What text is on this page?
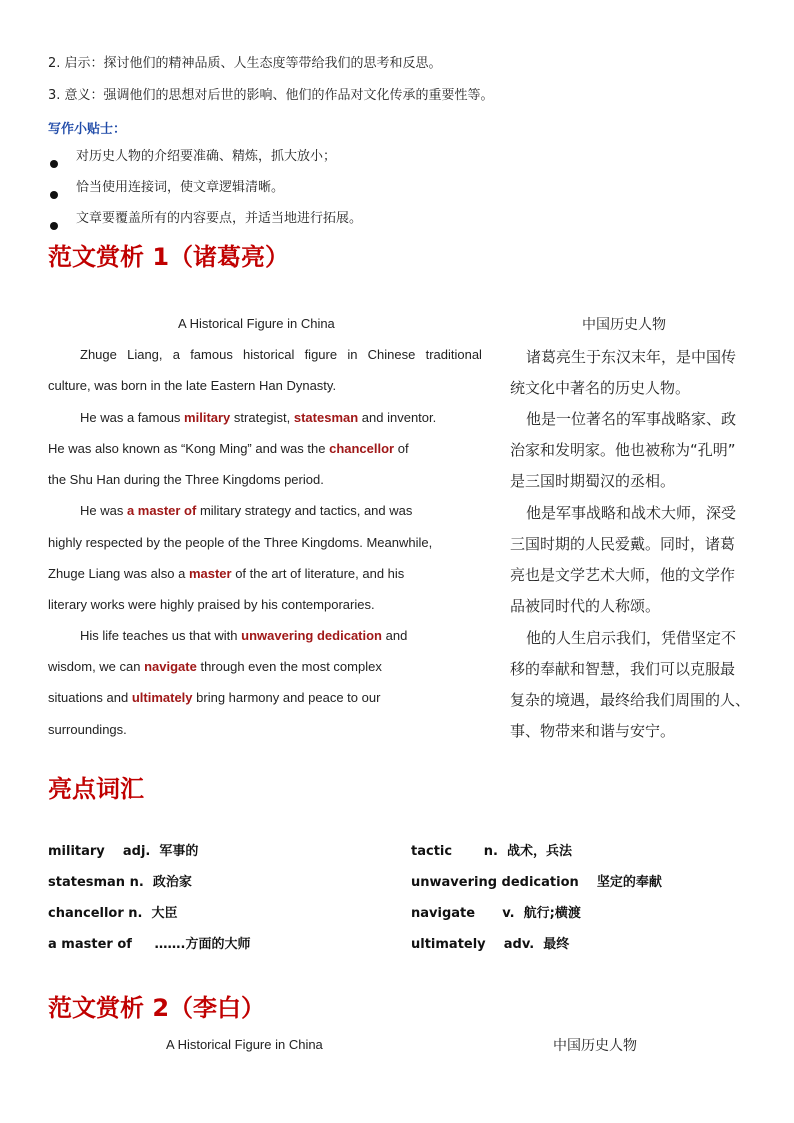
2. 启示：探讨他们的精神品质、人生态度等带给我们的思考和反思。
3. 意义：强调他们的思想对后世的影响、他们的作品对文化传承的重要性等。
写作小贴士：
对历史人物的介绍要准确、精炼，抓大放小；
恰当使用连接词，使文章逻辑清晰。
文章要覆盖所有的内容要点，并适当地进行拓展。
范文赏析 1（诸葛亮）
A Historical Figure in China	中国历史人物
Zhuge Liang, a famous historical figure in Chinese traditional
culture, was born in the late Eastern Han Dynasty.
He was a famous military strategist, statesman and inventor.
He was also known as “Kong Ming” and was the chancellor of
the Shu Han during the Three Kingdoms period.
He was a master of military strategy and tactics, and was
highly respected by the people of the Three Kingdoms. Meanwhile,
Zhuge Liang was also a master of the art of literature, and his
literary works were highly praised by his contemporaries.
His life teaches us that with unwavering dedication and
wisdom, we can navigate through even the most complex
situations and ultimately bring harmony and peace to our
surroundings.
诸葛亮生于东汉末年，是中国传
统文化中著名的历史人物。
他是一位著名的军事战略家、政
治家和发明家。他也被称为“孔明”
是三国时期蜀汉的丞相。
他是军事战略和战术大师，深受
三国时期的人民爱戴。同时，诸葛
亮也是文学艺术大师，他的文学作
品被同时代的人称颂。
他的人生启示我们，凭借坚定不
移的奉献和智慧，我们可以克服最
复杂的境遇，最终给我们周围的人、
事、物带来和谐与安宁。
亮点词汇
military    adj.  军事的
statesman n.  政治家
chancellor n.  大臣
a master of     …….方面的大师
tactic       n.  战术，兵法
unwavering dedication    坚定的奉献
navigate      v.  航行;横渡
ultimately    adv.  最终
范文赏析 2（李白）
A Historical Figure in China	中国历史人物
